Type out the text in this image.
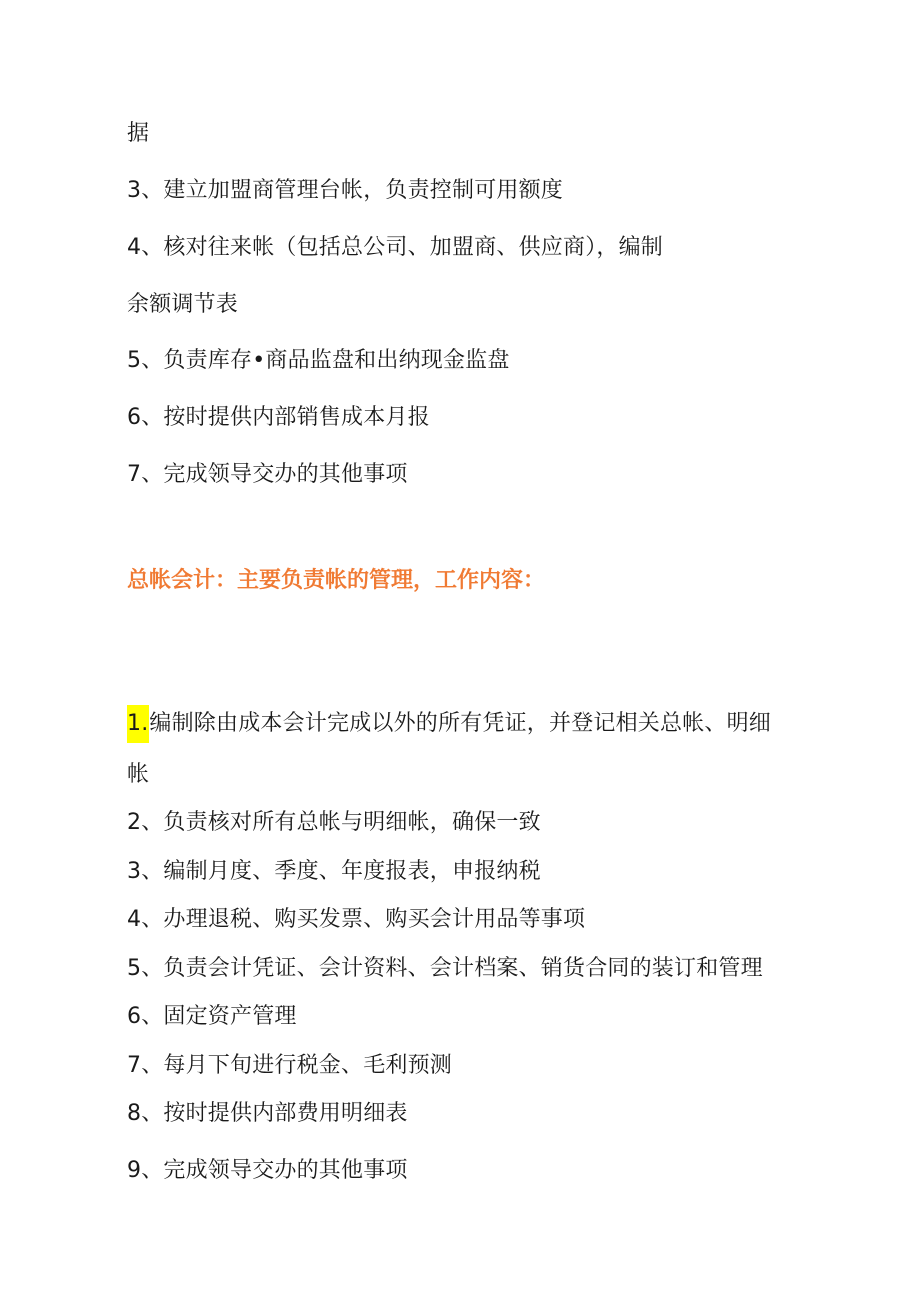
据
3、建立加盟商管理台帐，负责控制可用额度
4、核对往来帐（包括总公司、加盟商、供应商），编制
余额调节表
5、负责库存•商品监盘和出纳现金监盘
6、按时提供内部销售成本月报
7、完成领导交办的其他事项
总帐会计：主要负责帐的管理，工作内容：
1.编制除由成本会计完成以外的所有凭证，并登记相关总帐、明细
帐
2、负责核对所有总帐与明细帐，确保一致
3、编制月度、季度、年度报表，申报纳税
4、办理退税、购买发票、购买会计用品等事项
5、负责会计凭证、会计资料、会计档案、销货合同的装订和管理
6、固定资产管理
7、每月下旬进行税金、毛利预测
8、按时提供内部费用明细表
9、完成领导交办的其他事项
